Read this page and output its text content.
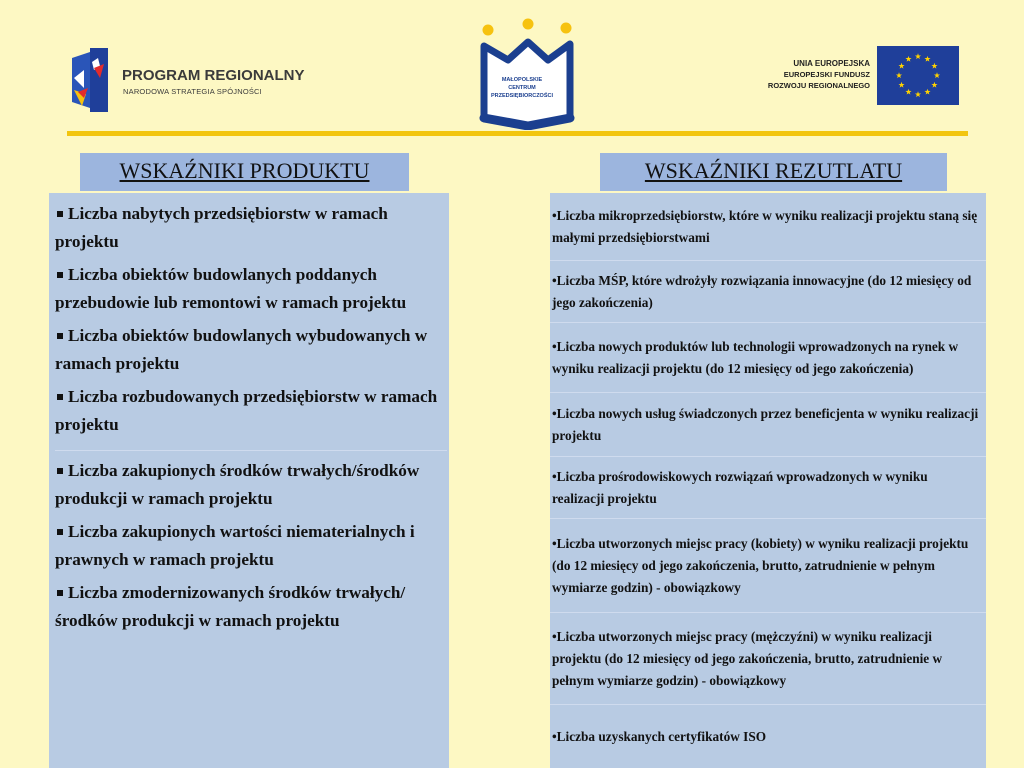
PROGRAM REGIONALNY
NARODOWA STRATEGIA SPÓJNOŚCI
MAŁOPOLSKIE
CENTRUM
PRZEDSIĘBIORCZOŚCI
UNIA EUROPEJSKA
EUROPEJSKI FUNDUSZ
ROZWOJU REGIONALNEGO
WSKAŹNIKI PRODUKTU	WSKAŹNIKI REZUTLATU
Liczba nabytych przedsiębiorstw w ramach projektu
Liczba obiektów budowlanych poddanych przebudowie lub remontowi w ramach projektu
Liczba obiektów budowlanych wybudowanych w ramach projektu
Liczba rozbudowanych przedsiębiorstw w ramach projektu
Liczba zakupionych środków trwałych/środków produkcji w ramach projektu
Liczba zakupionych wartości niematerialnych i prawnych w ramach projektu
Liczba zmodernizowanych środków trwałych/środków produkcji w ramach projektu
•Liczba mikroprzedsiębiorstw, które w wyniku realizacji projektu staną się małymi przedsiębiorstwami
•Liczba MŚP, które wdrożyły rozwiązania innowacyjne (do 12 miesięcy od jego zakończenia)
•Liczba nowych produktów lub technologii wprowadzonych na rynek w wyniku realizacji projektu (do 12 miesięcy od jego zakończenia)
•Liczba nowych usług świadczonych przez beneficjenta w wyniku realizacji projektu
•Liczba prośrodowiskowych rozwiązań wprowadzonych w wyniku realizacji projektu
•Liczba utworzonych miejsc pracy (kobiety) w wyniku realizacji projektu (do 12 miesięcy od jego zakończenia, brutto, zatrudnienie w pełnym wymiarze godzin) - obowiązkowy
•Liczba utworzonych miejsc pracy (mężczyźni) w wyniku realizacji projektu (do 12 miesięcy od jego zakończenia, brutto, zatrudnienie w pełnym wymiarze godzin) - obowiązkowy
•Liczba uzyskanych certyfikatów ISO
